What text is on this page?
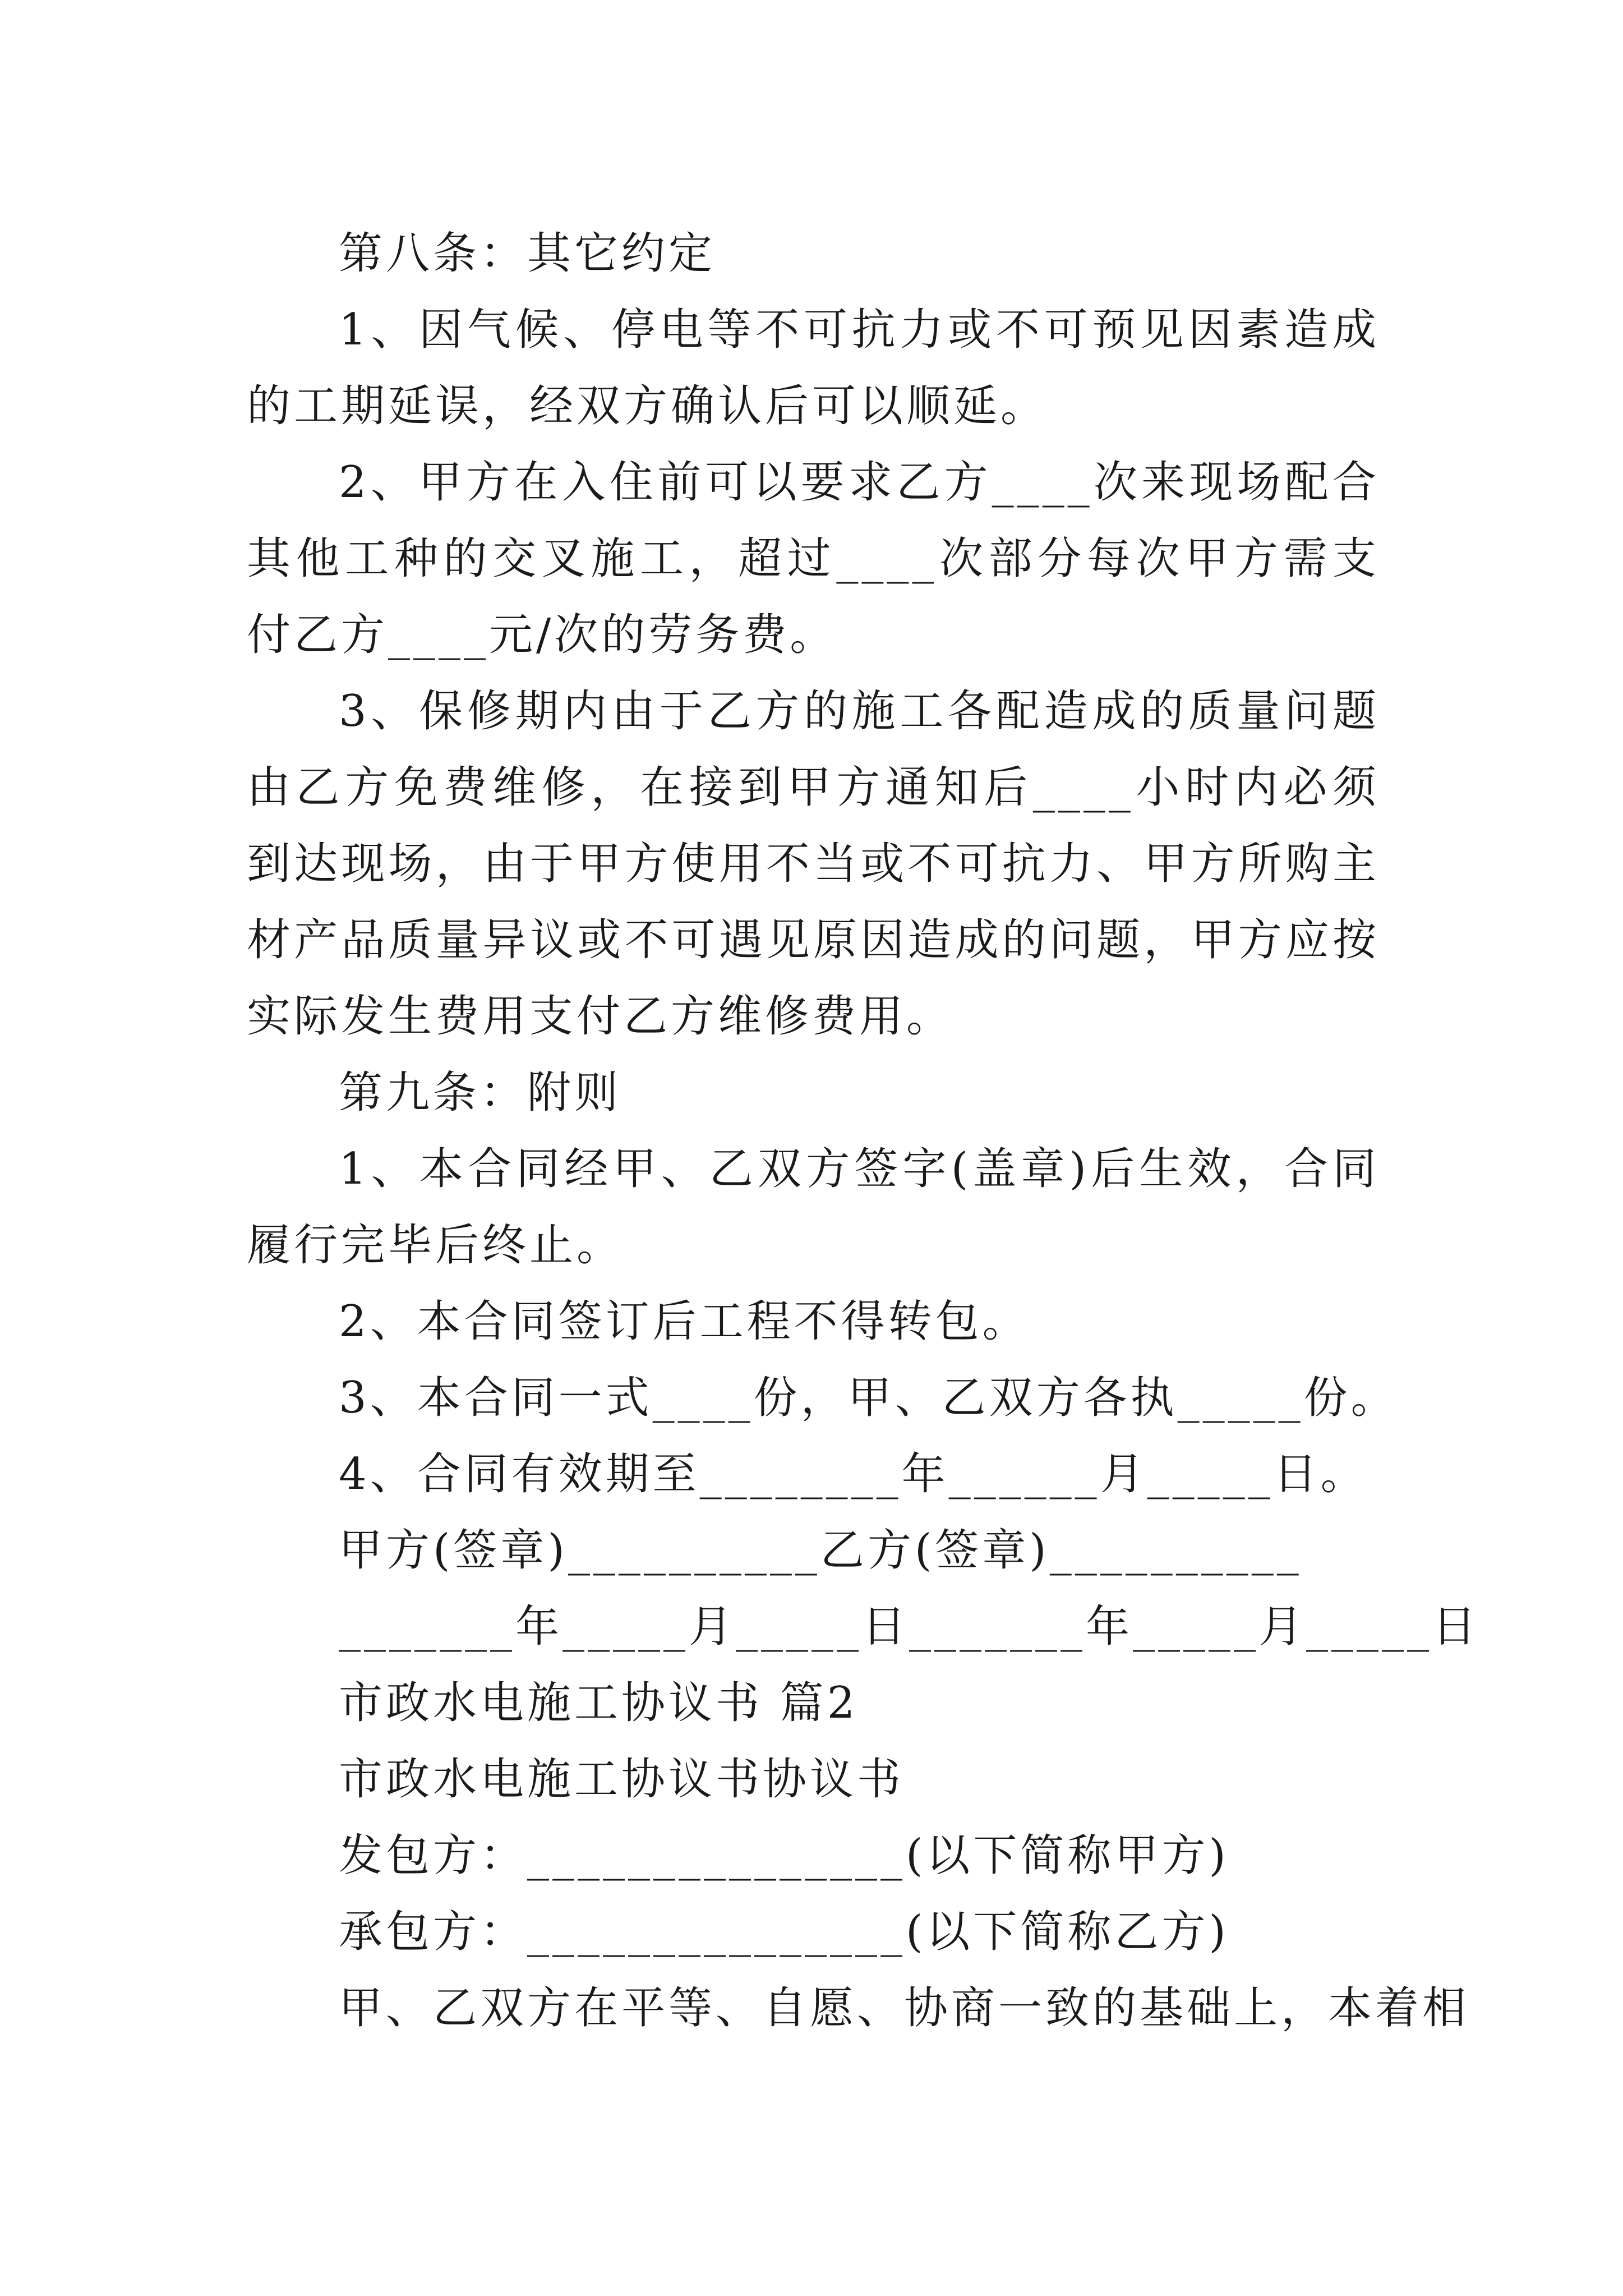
第八条：其它约定

1、因气候、停电等不可抗力或不可预见因素造成的工期延误，经双方确认后可以顺延。

2、甲方在入住前可以要求乙方____次来现场配合 其他工种的交叉施工，超过____次部分每次甲方需支付乙方____元/次的劳务费。

3、保修期内由于乙方的施工各配造成的质量问题由乙方免费维修，在接到甲方通知后____小时内必须到达现场，由于甲方使用不当或不可抗力、甲方所购主材产品质量异议或不可遇见原因造成的问题，甲方应按实际发生费用支付乙方维修费用。

第九条：附则

1、本合同经甲、乙双方签字(盖章)后生效，合同履行完毕后终止。

2、本合同签订后工程不得转包。

3、本合同一式____份，甲、乙双方各执_____份。

4、合同有效期至________年______月_____日。

甲方(签章)__________乙方(签章)__________

_______年_____月_____日_______年_____月_____日

市政水电施工协议书 篇2

市政水电施工协议书协议书

发包方：_______________(以下简称甲方)

承包方：_______________(以下简称乙方)

甲、乙双方在平等、自愿、协商一致的基础上，本着相
